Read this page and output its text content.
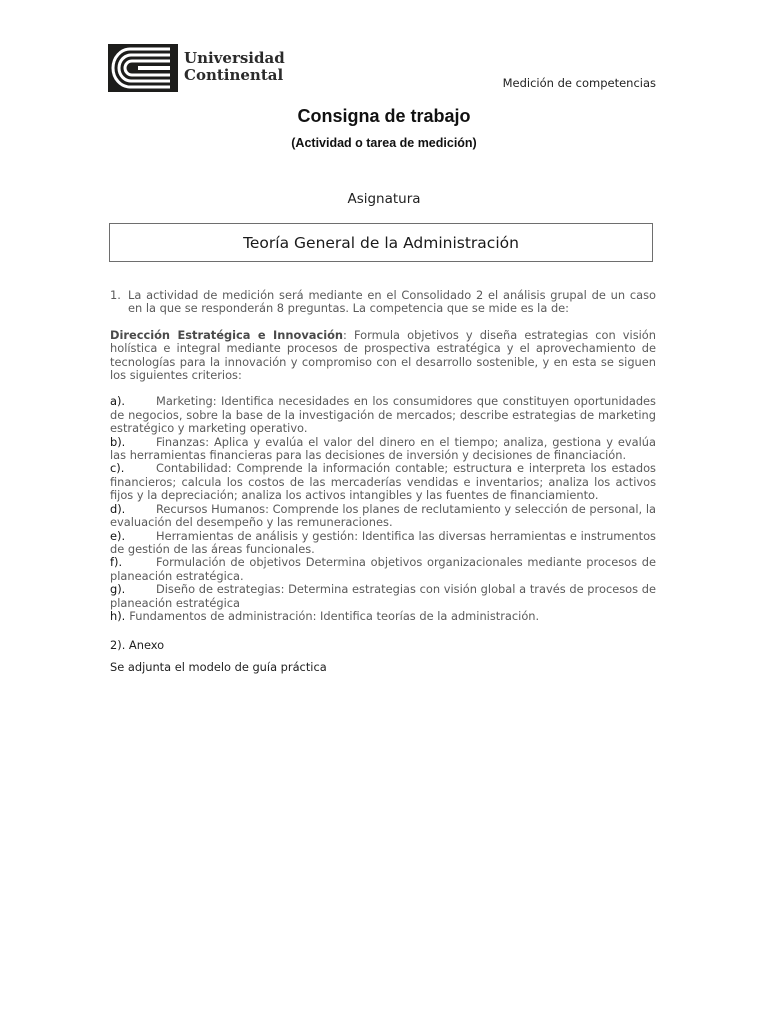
Universidad
Continental	Medición de competencias
Consigna de trabajo
(Actividad o tarea de medición)
Asignatura
Teoría General de la Administración
1. La actividad de medición será mediante en el Consolidado 2 el análisis grupal de un caso en la que se responderán 8 preguntas. La competencia que se mide es la de:
Dirección Estratégica e Innovación: Formula objetivos y diseña estrategias con visión holística e integral mediante procesos de prospectiva estratégica y el aprovechamiento de tecnologías para la innovación y compromiso con el desarrollo sostenible, y en esta se siguen los siguientes criterios:
a).	Marketing: Identifica necesidades en los consumidores que constituyen oportunidades de negocios, sobre la base de la investigación de mercados; describe estrategias de marketing estratégico y marketing operativo.
b).	Finanzas: Aplica y evalúa el valor del dinero en el tiempo; analiza, gestiona y evalúa las herramientas financieras para las decisiones de inversión y decisiones de financiación.
c).	Contabilidad: Comprende la información contable; estructura e interpreta los estados financieros; calcula los costos de las mercaderías vendidas e inventarios; analiza los activos fijos y la depreciación; analiza los activos intangibles y las fuentes de financiamiento.
d).	Recursos Humanos: Comprende los planes de reclutamiento y selección de personal, la evaluación del desempeño y las remuneraciones.
e).	Herramientas de análisis y gestión: Identifica las diversas herramientas e instrumentos de gestión de las áreas funcionales.
f).	Formulación de objetivos Determina objetivos organizacionales mediante procesos de planeación estratégica.
g).	Diseño de estrategias: Determina estrategias con visión global a través de procesos de planeación estratégica
h). Fundamentos de administración: Identifica teorías de la administración.
2). Anexo
Se adjunta el modelo de guía práctica
